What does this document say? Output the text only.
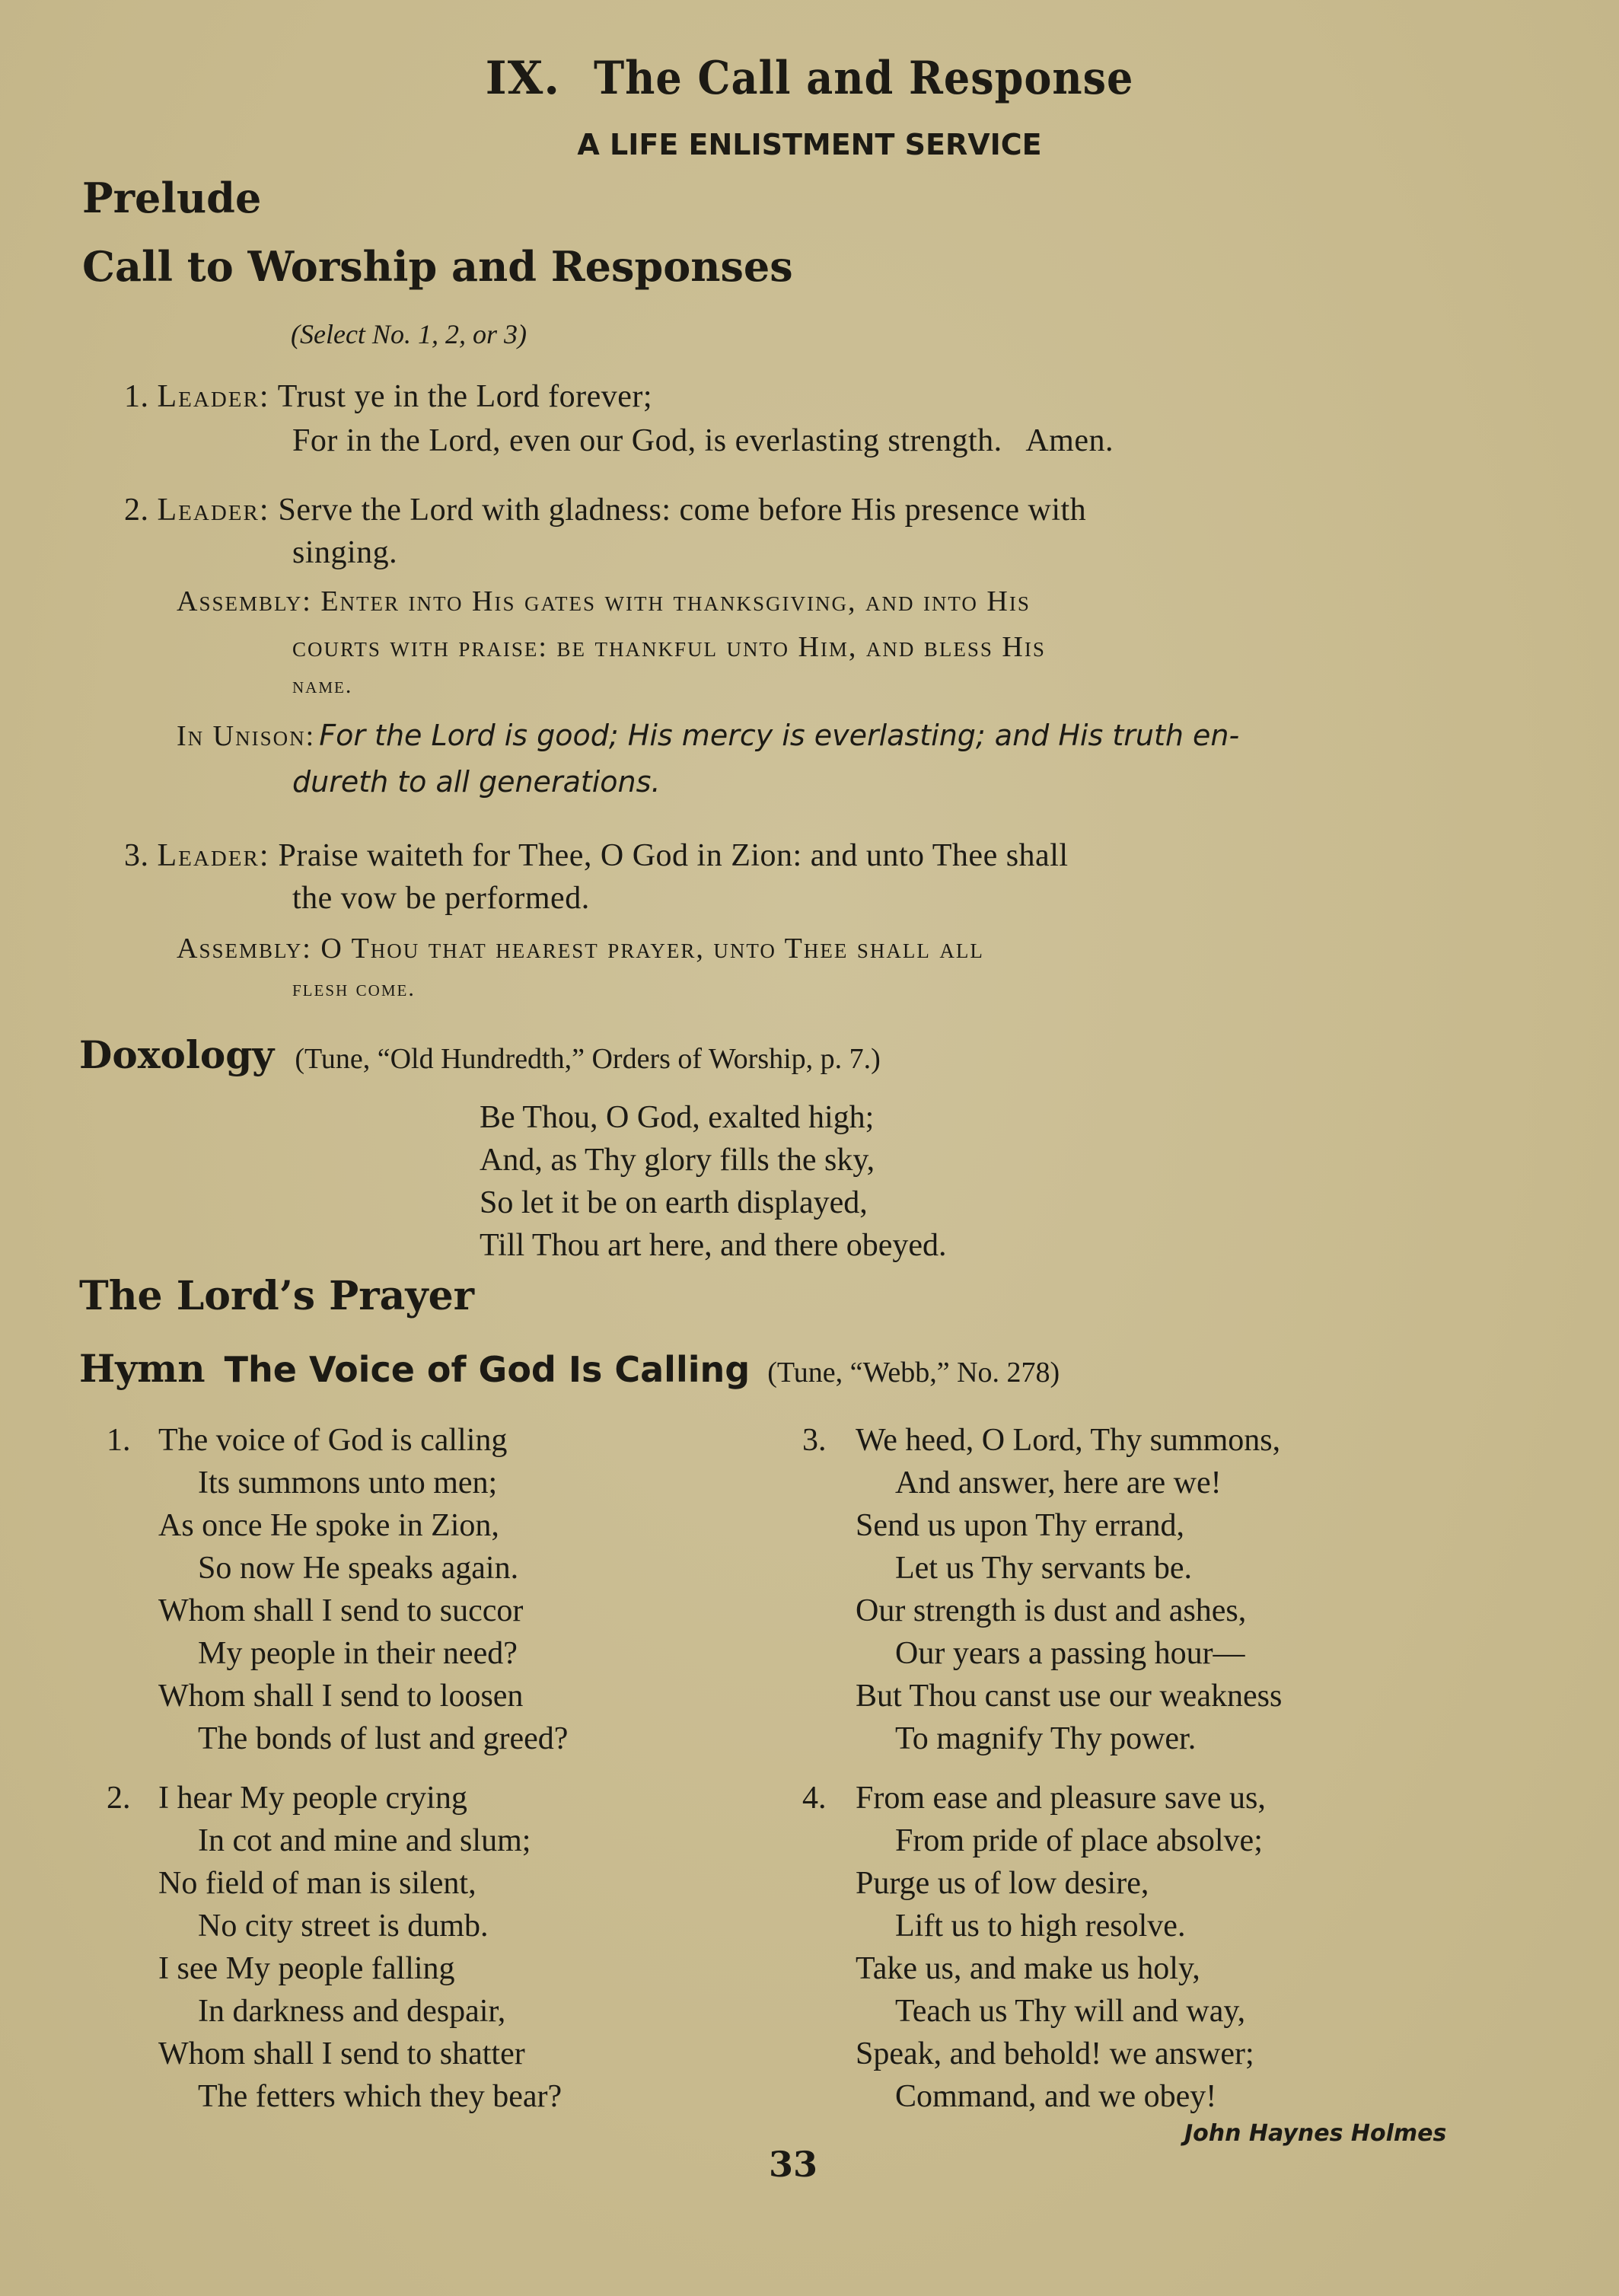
IX. The Call and Response
A LIFE ENLISTMENT SERVICE
Prelude
Call to Worship and Responses
(Select No. 1, 2, or 3)
1. Leader: Trust ye in the Lord forever;
For in the Lord, even our God, is everlasting strength.   Amen.
2. Leader: Serve the Lord with gladness: come before His presence with
singing.
Assembly: Enter into His gates with thanksgiving, and into His
courts with praise: be thankful unto Him, and bless His
name.
In Unison: For the Lord is good; His mercy is everlasting; and His truth en-
dureth to all generations.
3. Leader: Praise waiteth for Thee, O God in Zion: and unto Thee shall
the vow be performed.
Assembly: O Thou that hearest prayer, unto Thee shall all
flesh come.
Doxology (Tune, “Old Hundredth,” Orders of Worship, p. 7.)
Be Thou, O God, exalted high;
And, as Thy glory fills the sky,
So let it be on earth displayed,
Till Thou art here, and there obeyed.
The Lord’s Prayer
Hymn The Voice of God Is Calling (Tune, “Webb,” No. 278)
1. The voice of God is calling
Its summons unto men;
As once He spoke in Zion,
So now He speaks again.
Whom shall I send to succor
My people in their need?
Whom shall I send to loosen
The bonds of lust and greed?
2. I hear My people crying
In cot and mine and slum;
No field of man is silent,
No city street is dumb.
I see My people falling
In darkness and despair,
Whom shall I send to shatter
The fetters which they bear?
3. We heed, O Lord, Thy summons,
And answer, here are we!
Send us upon Thy errand,
Let us Thy servants be.
Our strength is dust and ashes,
Our years a passing hour—
But Thou canst use our weakness
To magnify Thy power.
4. From ease and pleasure save us,
From pride of place absolve;
Purge us of low desire,
Lift us to high resolve.
Take us, and make us holy,
Teach us Thy will and way,
Speak, and behold! we answer;
Command, and we obey!
John Haynes Holmes
33
